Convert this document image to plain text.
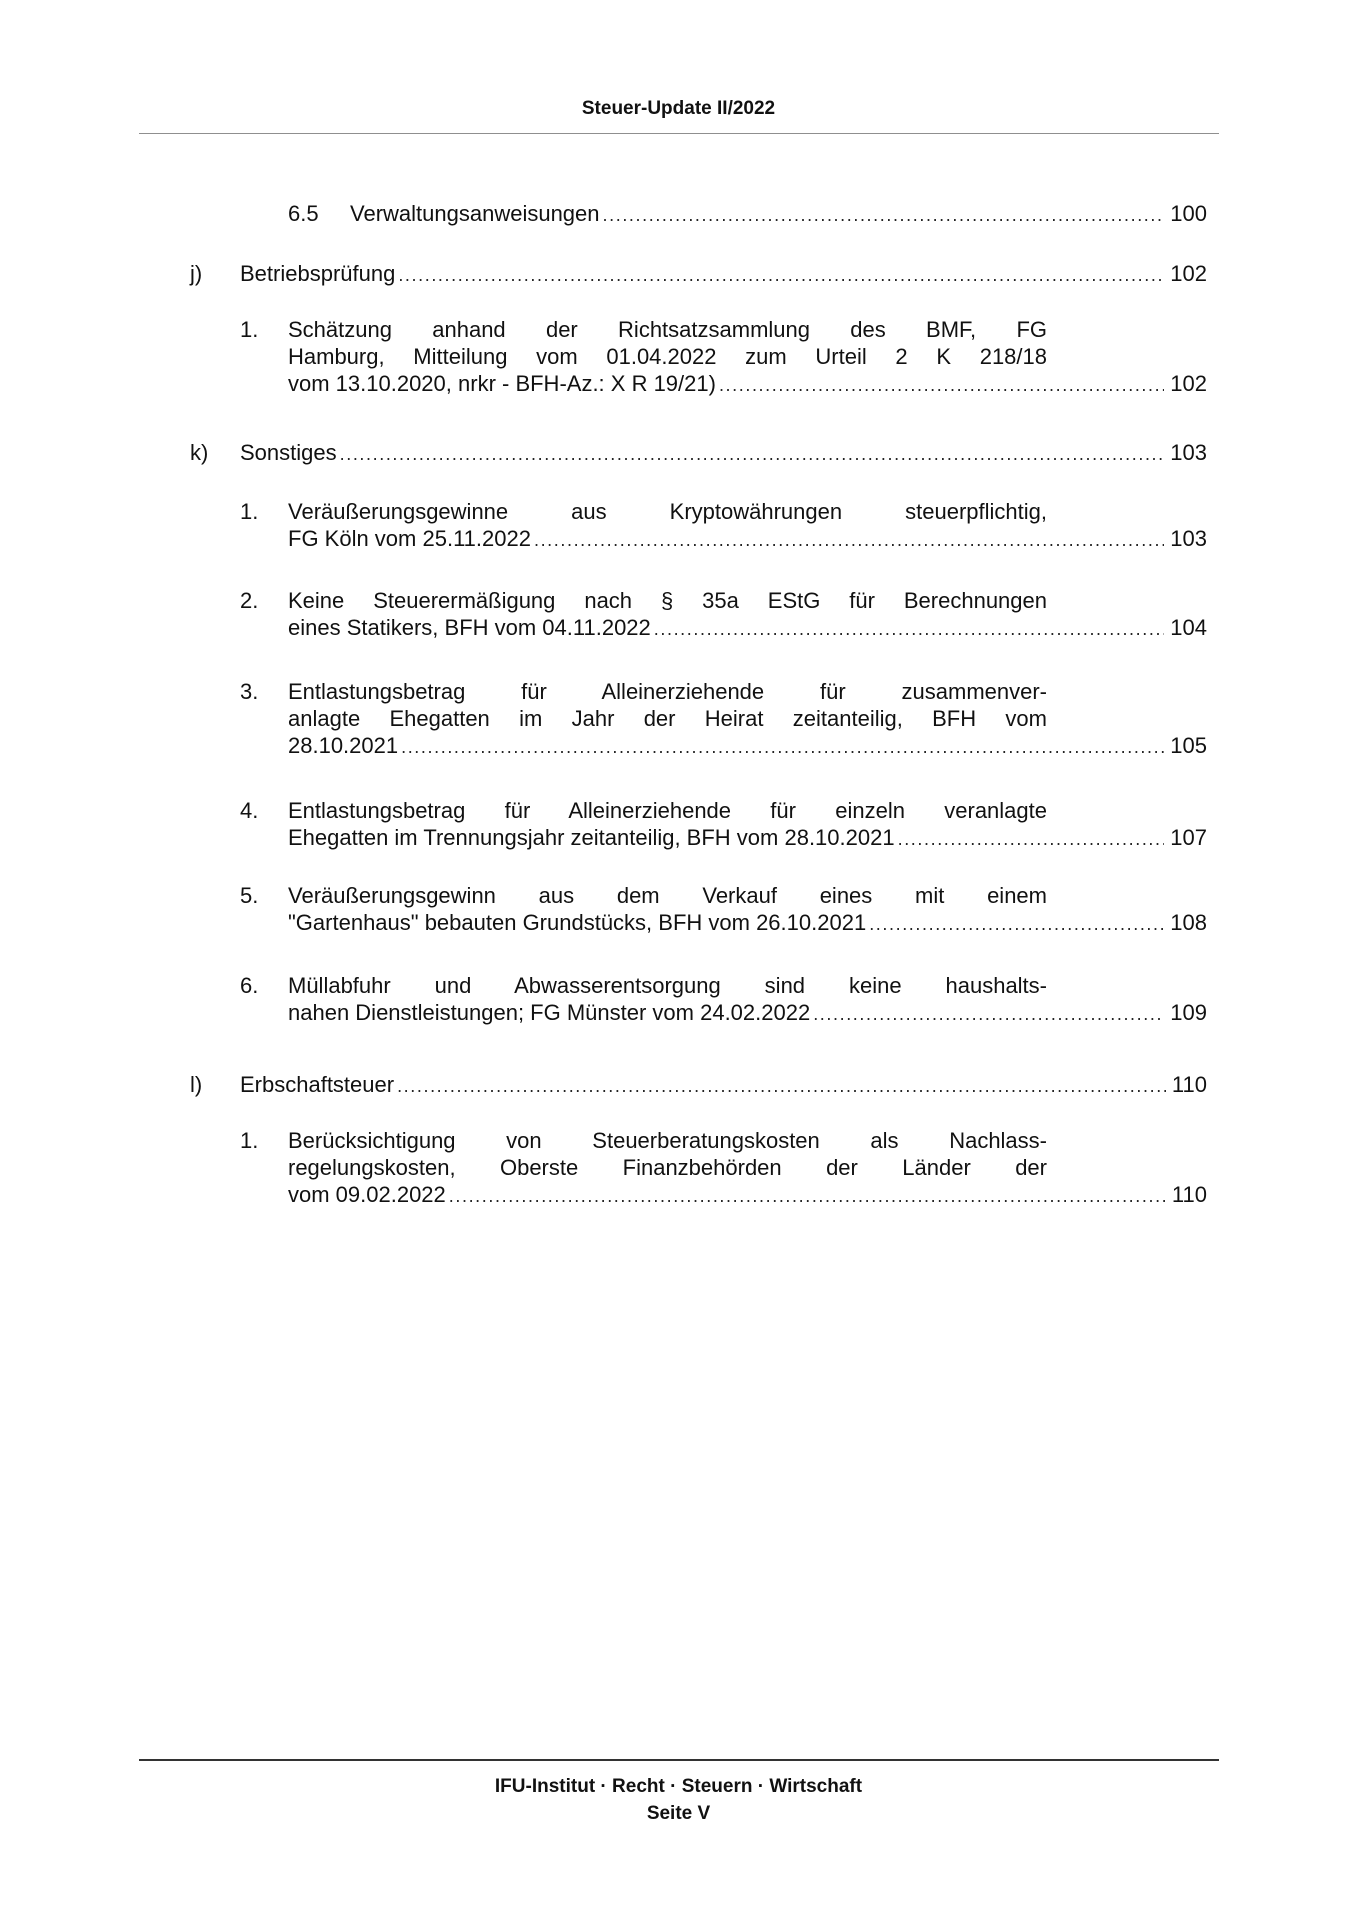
Steuer-Update II/2022
6.5 Verwaltungsanweisungen .....	100
j) Betriebsprüfung .....	102
1. Schätzung anhand der Richtsatzsammlung des BMF, FG
Hamburg, Mitteilung vom 01.04.2022 zum Urteil 2 K 218/18
vom 13.10.2020, nrkr - BFH-Az.: X R 19/21) .....	102
k) Sonstiges .....	103
1. Veräußerungsgewinne aus Kryptowährungen steuerpflichtig,
FG Köln vom 25.11.2022 .....	103
2. Keine Steuerermäßigung nach § 35a EStG für Berechnungen
eines Statikers, BFH vom 04.11.2022 .....	104
3. Entlastungsbetrag für Alleinerziehende für zusammenver-
anlagte Ehegatten im Jahr der Heirat zeitanteilig, BFH vom
28.10.2021 .....	105
4. Entlastungsbetrag für Alleinerziehende für einzeln veranlagte
Ehegatten im Trennungsjahr zeitanteilig, BFH vom 28.10.2021 .....	107
5. Veräußerungsgewinn aus dem Verkauf eines mit einem
"Gartenhaus" bebauten Grundstücks, BFH vom 26.10.2021 .....	108
6. Müllabfuhr und Abwasserentsorgung sind keine haushalts-
nahen Dienstleistungen; FG Münster vom 24.02.2022 .....	109
l) Erbschaftsteuer .....	110
1. Berücksichtigung von Steuerberatungskosten als Nachlass-
regelungskosten, Oberste Finanzbehörden der Länder der
vom 09.02.2022 .....	110
IFU-Institut · Recht · Steuern · Wirtschaft
Seite V
